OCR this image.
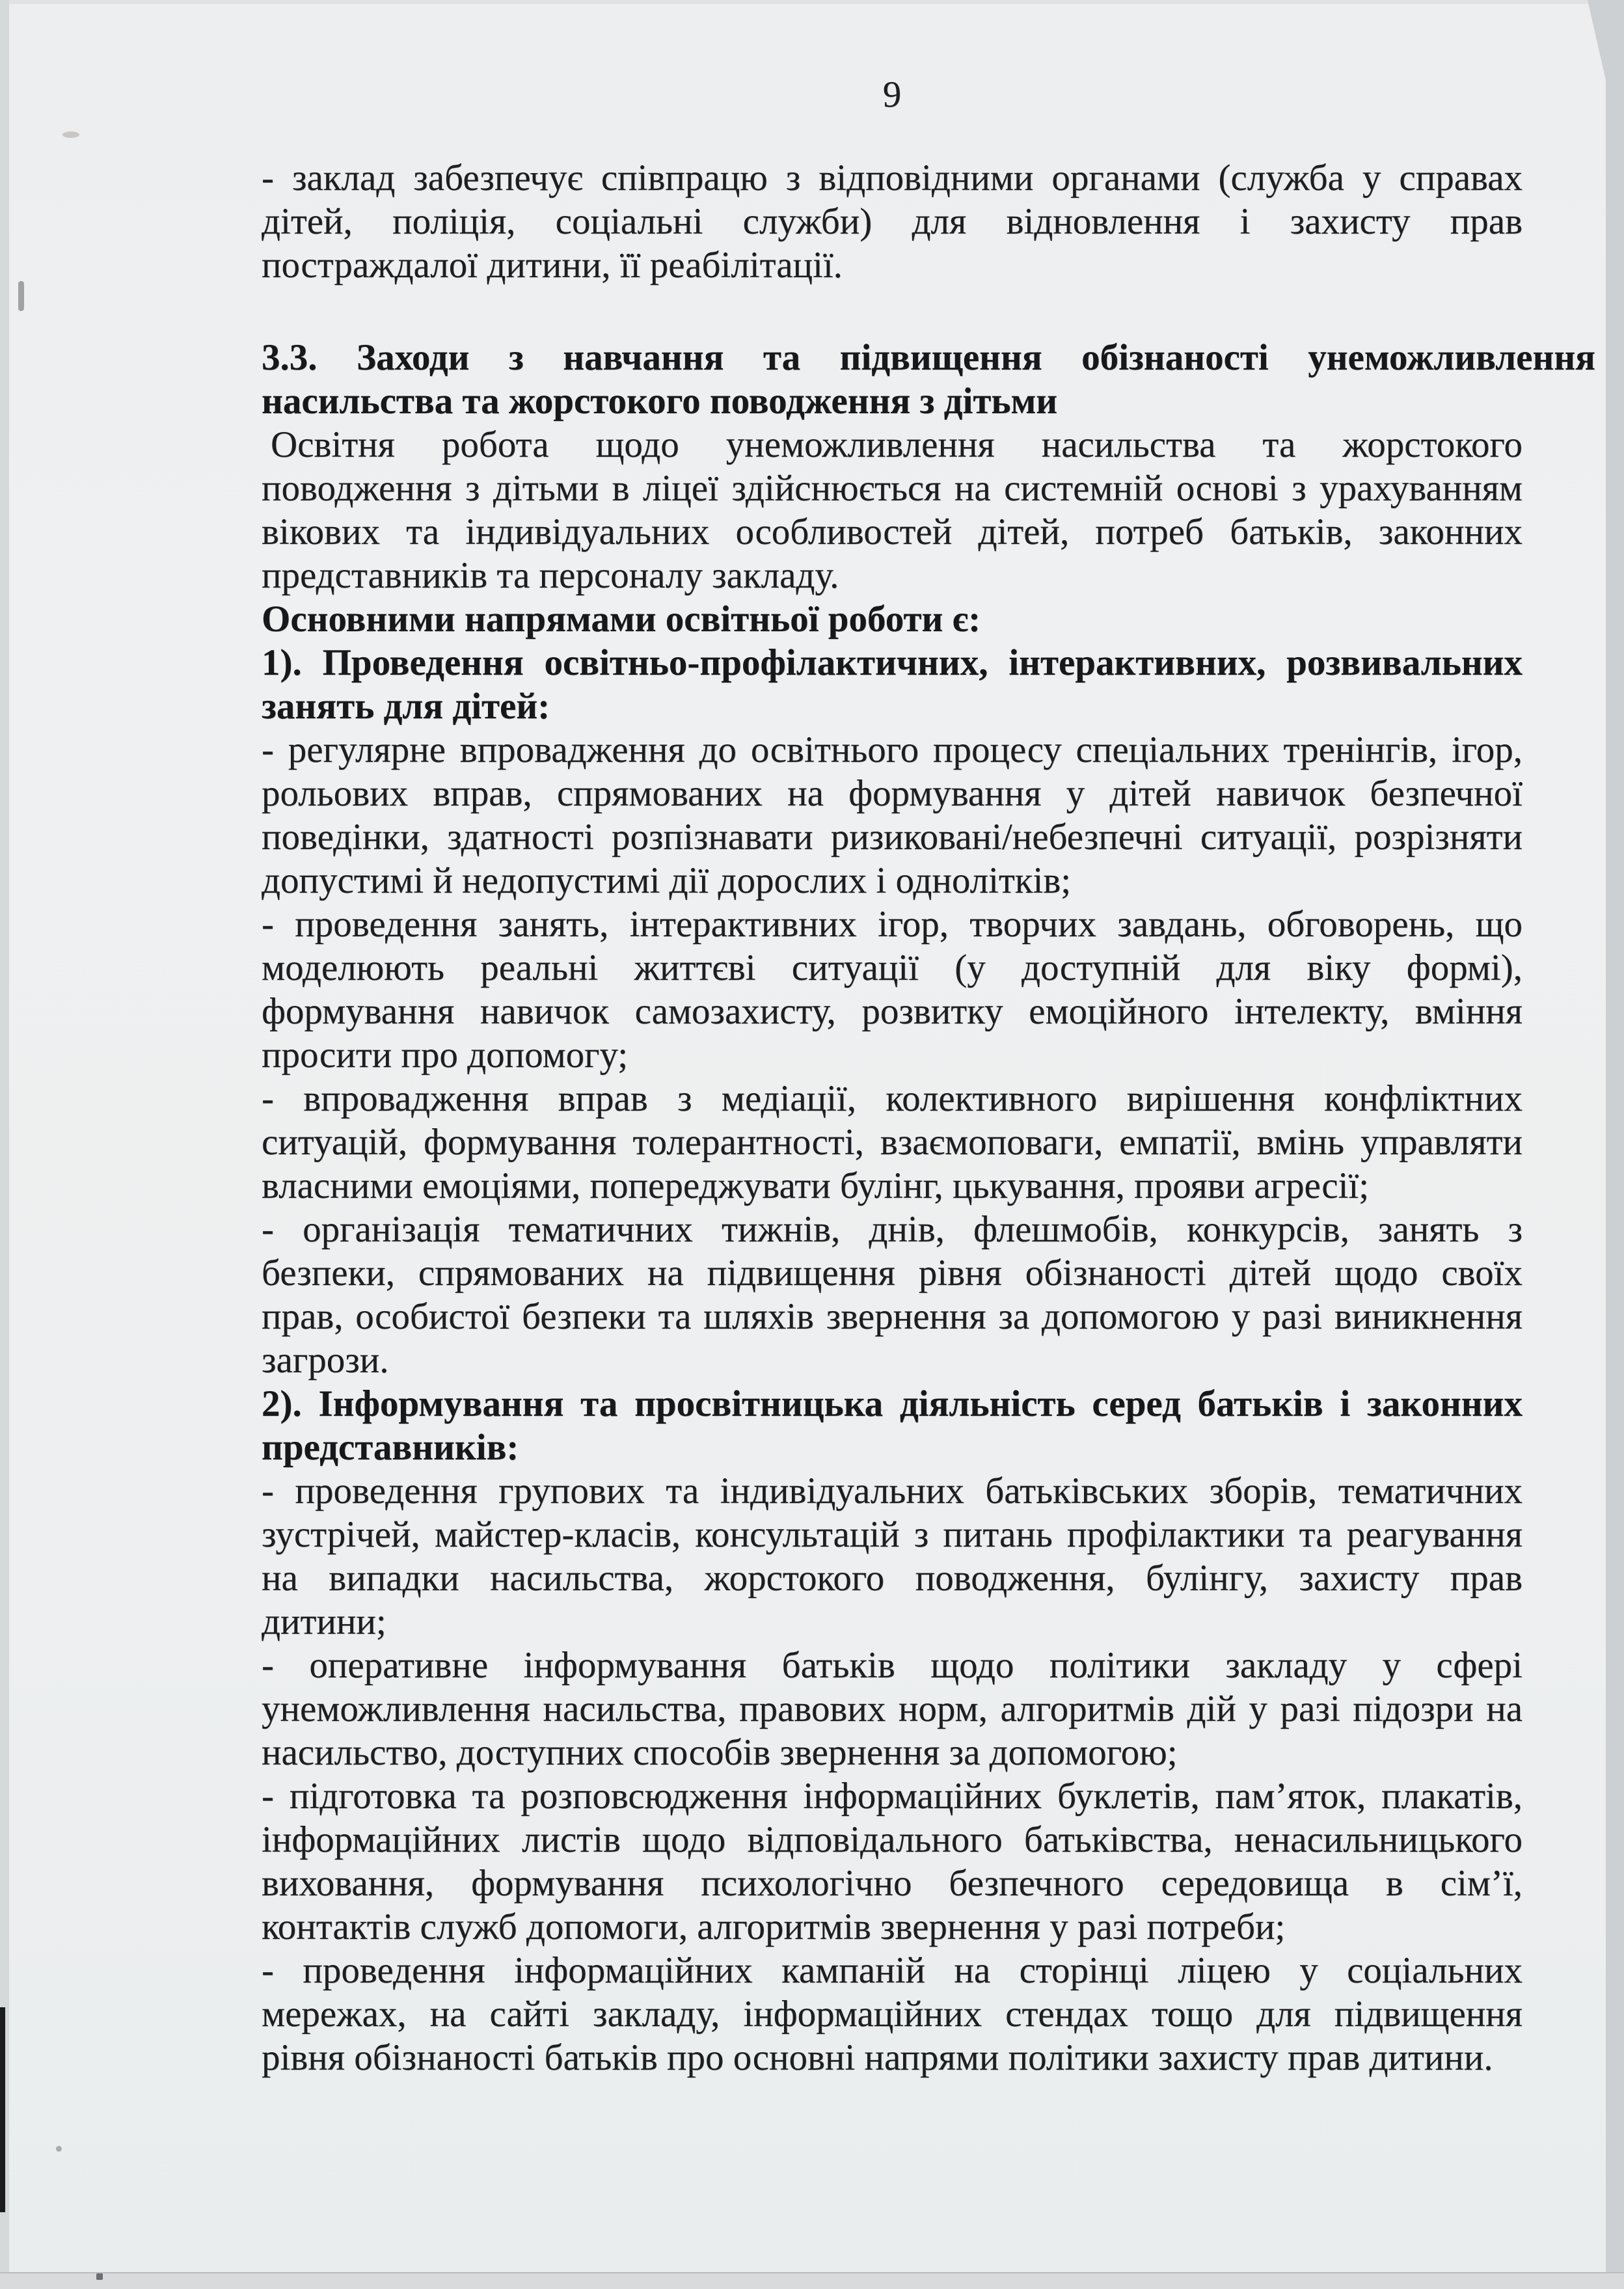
9
- заклад забезпечує співпрацю з відповідними органами (служба у справах
дітей, поліція, соціальні служби) для відновлення і захисту прав
постраждалої дитини, її реабілітації.
3.3. Заходи з навчання та підвищення обізнаності унеможливлення
насильства та жорстокого поводження з дітьми
Освітня робота щодо унеможливлення насильства та жорстокого
поводження з дітьми в ліцеї здійснюється на системній основі з урахуванням
вікових та індивідуальних особливостей дітей, потреб батьків, законних
представників та персоналу закладу.
Основними напрямами освітньої роботи є:
1). Проведення освітньо-профілактичних, інтерактивних, розвивальних
занять для дітей:
- регулярне впровадження до освітнього процесу спеціальних тренінгів, ігор,
рольових вправ, спрямованих на формування у дітей навичок безпечної
поведінки, здатності розпізнавати ризиковані/небезпечні ситуації, розрізняти
допустимі й недопустимі дії дорослих і однолітків;
- проведення занять, інтерактивних ігор, творчих завдань, обговорень, що
моделюють реальні життєві ситуації (у доступній для віку формі),
формування навичок самозахисту, розвитку емоційного інтелекту, вміння
просити про допомогу;
- впровадження вправ з медіації, колективного вирішення конфліктних
ситуацій, формування толерантності, взаємоповаги, емпатії, вмінь управляти
власними емоціями, попереджувати булінг, цькування, прояви агресії;
- організація тематичних тижнів, днів, флешмобів, конкурсів, занять з
безпеки, спрямованих на підвищення рівня обізнаності дітей щодо своїх
прав, особистої безпеки та шляхів звернення за допомогою у разі виникнення
загрози.
2). Інформування та просвітницька діяльність серед батьків і законних
представників:
- проведення групових та індивідуальних батьківських зборів, тематичних
зустрічей, майстер-класів, консультацій з питань профілактики та реагування
на випадки насильства, жорстокого поводження, булінгу, захисту прав
дитини;
- оперативне інформування батьків щодо політики закладу у сфері
унеможливлення насильства, правових норм, алгоритмів дій у разі підозри на
насильство, доступних способів звернення за допомогою;
- підготовка та розповсюдження інформаційних буклетів, пам’яток, плакатів,
інформаційних листів щодо відповідального батьківства, ненасильницького
виховання, формування психологічно безпечного середовища в сім’ї,
контактів служб допомоги, алгоритмів звернення у разі потреби;
- проведення інформаційних кампаній на сторінці ліцею у соціальних
мережах, на сайті закладу, інформаційних стендах тощо для підвищення
рівня обізнаності батьків про основні напрями політики захисту прав дитини.
